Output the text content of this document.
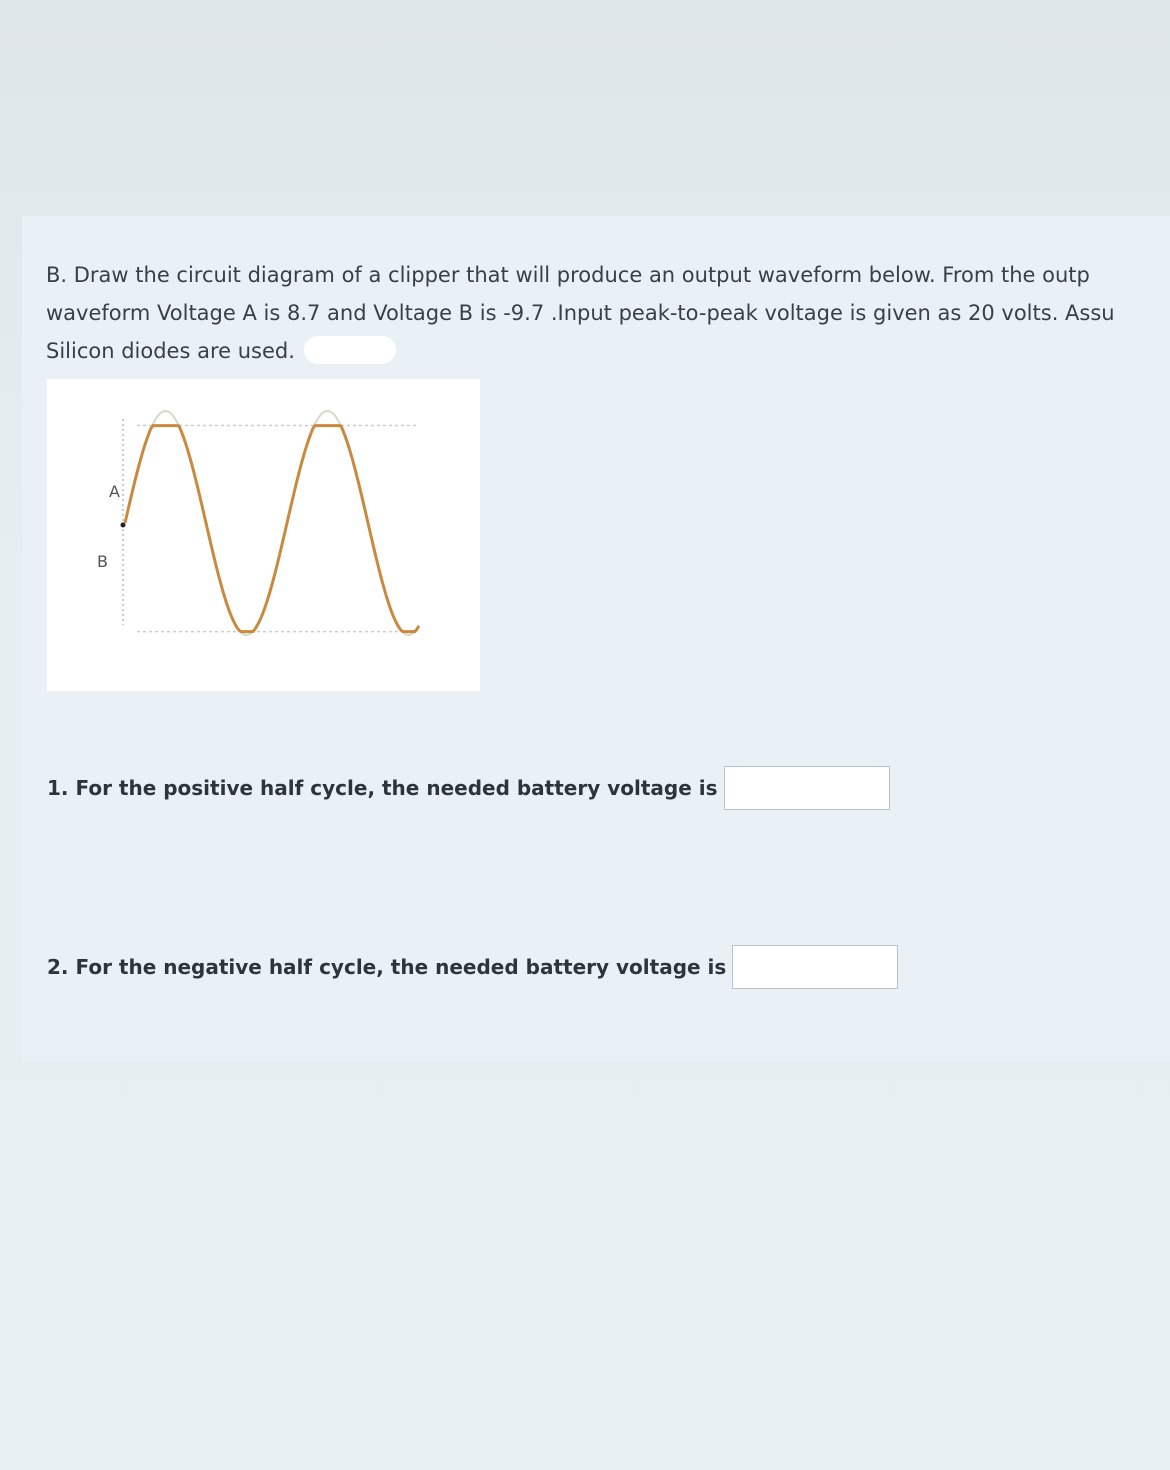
B. Draw the circuit diagram of a clipper that will produce an output waveform below. From the outp
waveform Voltage A is 8.7 and Voltage B is -9.7 .Input peak-to-peak voltage is given as 20 volts. Assu
Silicon diodes are used.
A
B
1. For the positive half cycle, the needed battery voltage is
2. For the negative half cycle, the needed battery voltage is
